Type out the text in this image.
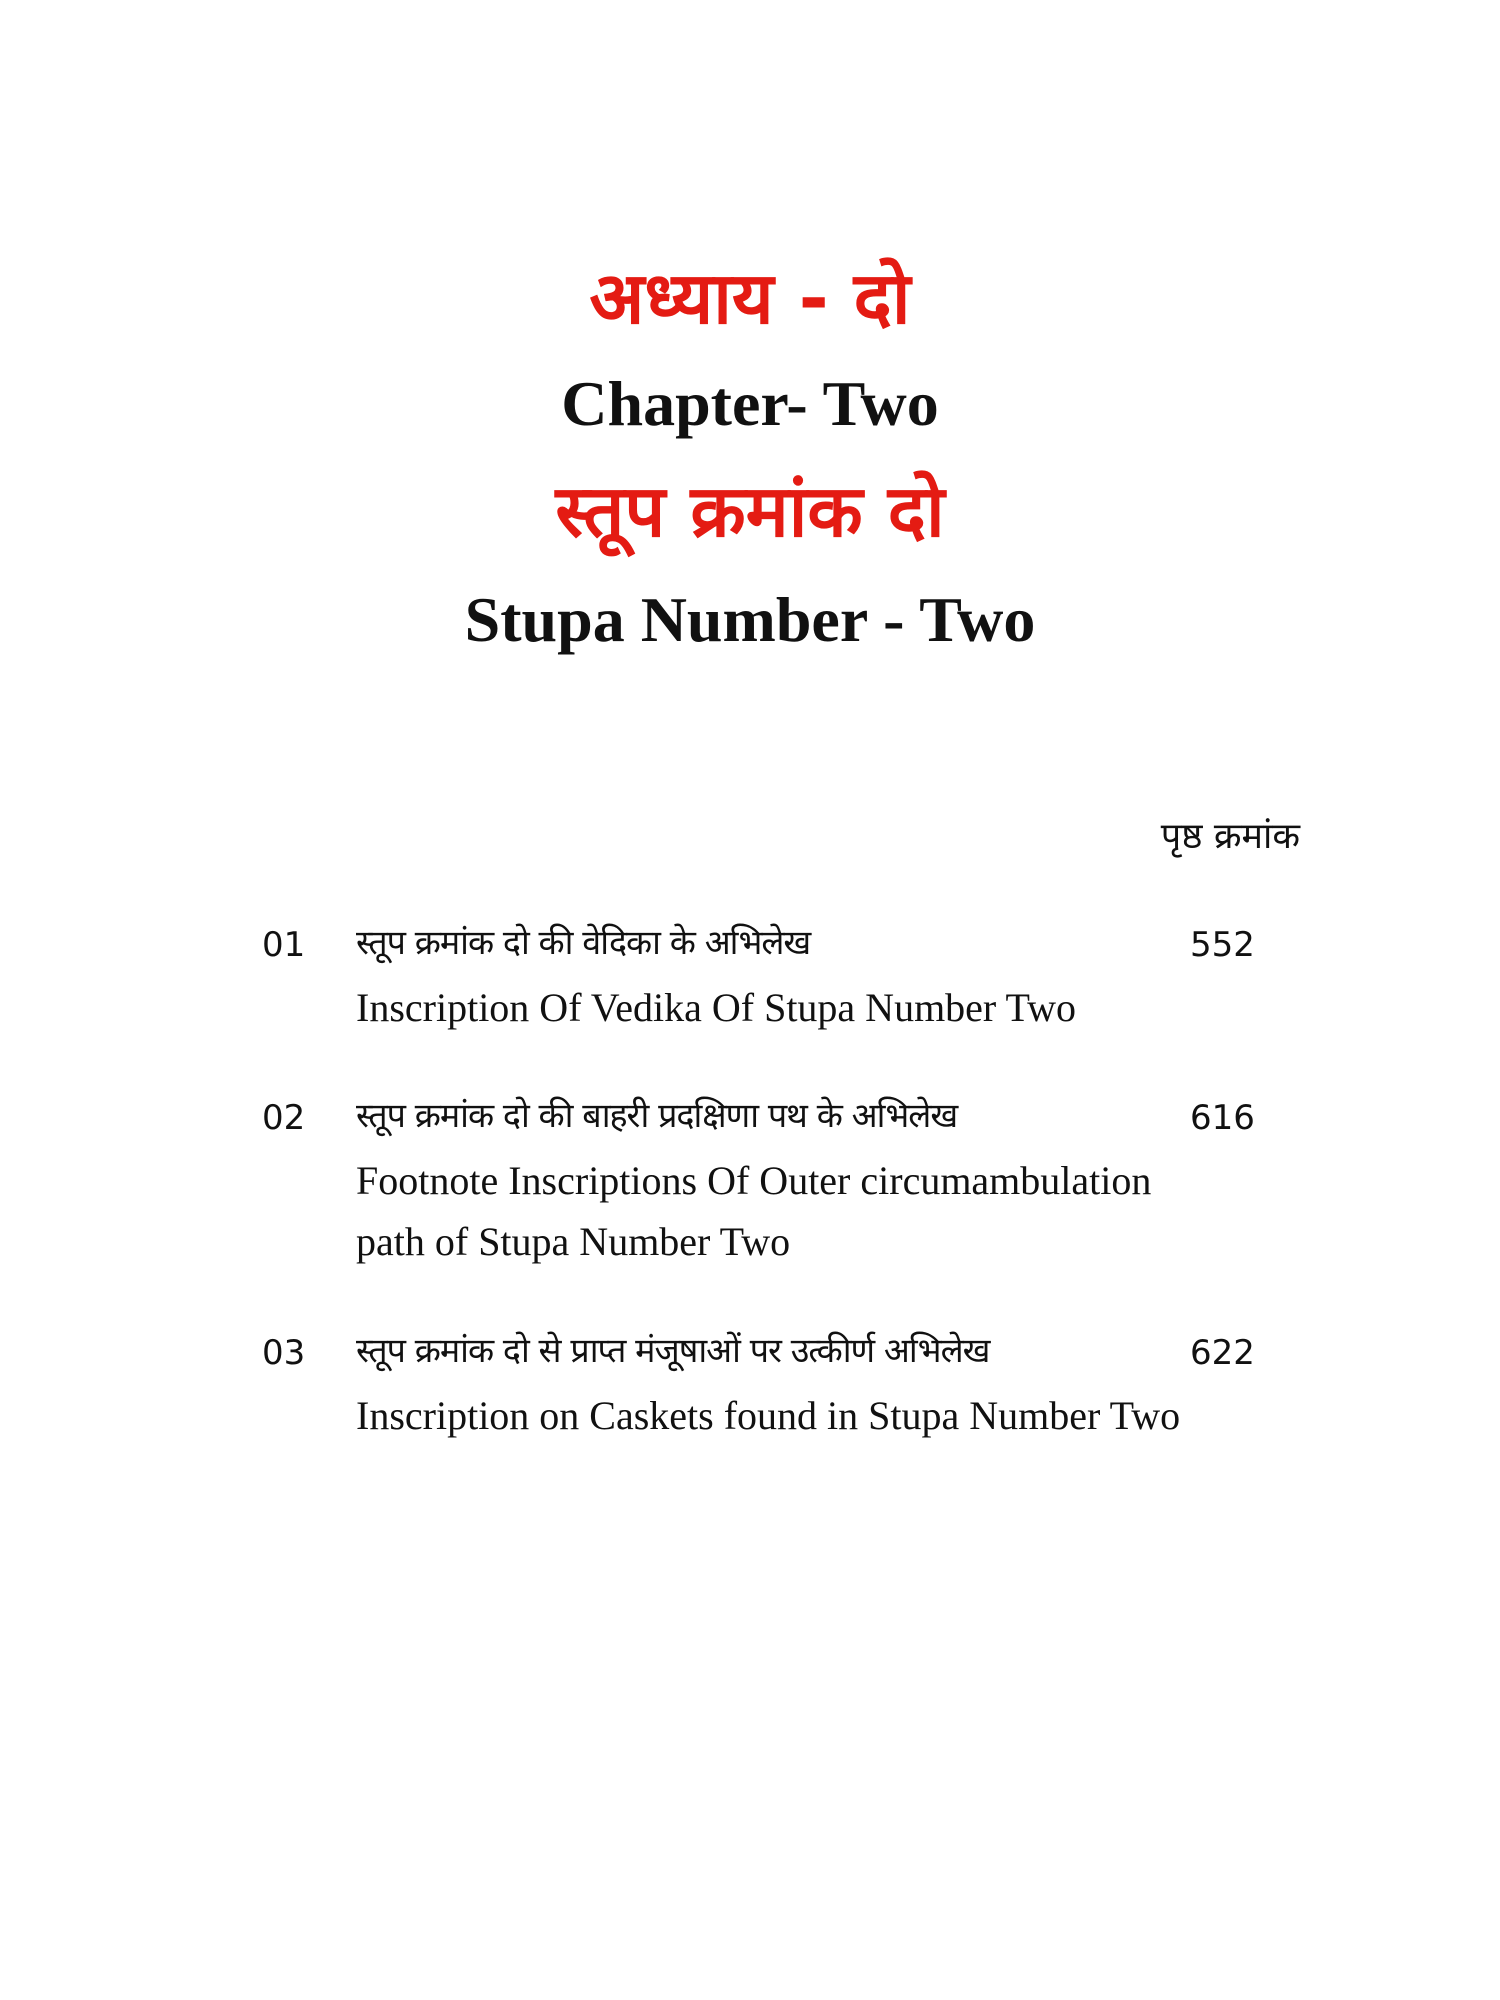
अध्याय - दो
Chapter- Two
स्तूप क्रमांक दो
Stupa Number - Two
पृष्ठ क्रमांक
01 स्तूप क्रमांक दो की वेदिका के अभिलेख	552
Inscription Of Vedika Of Stupa Number Two
02 स्तूप क्रमांक दो की बाहरी प्रदक्षिणा पथ के अभिलेख	616
Footnote Inscriptions Of Outer circumambulation path of Stupa Number Two
03 स्तूप क्रमांक दो से प्राप्त मंजूषाओं पर उत्कीर्ण अभिलेख	622
Inscription on Caskets found in Stupa Number Two
